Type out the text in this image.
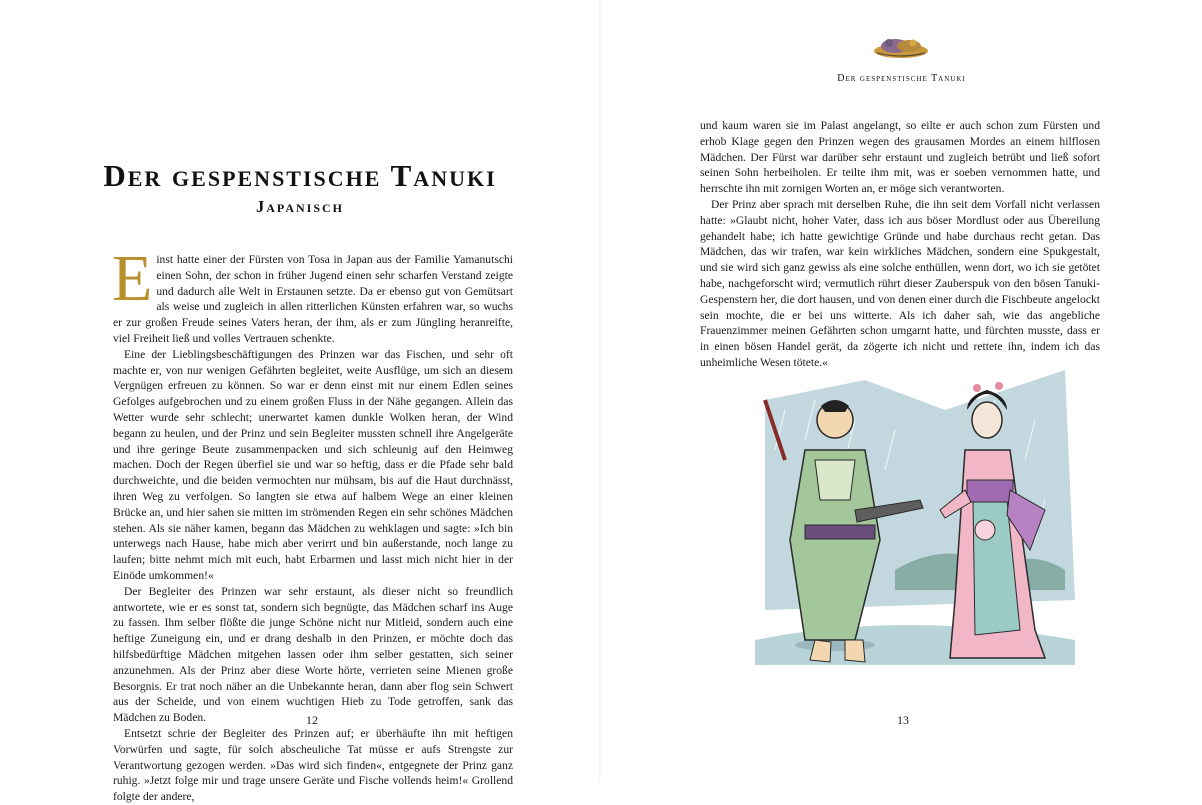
Der gespenstische Tanuki
Japanisch

Einst hatte einer der Fürsten von Tosa in Japan aus der Familie Yamanutschi einen Sohn, der schon in früher Jugend einen sehr scharfen Verstand zeigte und dadurch alle Welt in Erstaunen setzte. Da er ebenso gut von Gemütsart als weise und zugleich in allen ritterlichen Künsten erfahren war, so wuchs er zur großen Freude seines Vaters heran, der ihm, als er zum Jüngling heranreifte, viel Freiheit ließ und volles Vertrauen schenkte.

Eine der Lieblingsbeschäftigungen des Prinzen war das Fischen, und sehr oft machte er, von nur wenigen Gefährten begleitet, weite Ausflüge, um sich an diesem Vergnügen erfreuen zu können. So war er denn einst mit nur einem Edlen seines Gefolges aufgebrochen und zu einem großen Fluss in der Nähe gegangen. Allein das Wetter wurde sehr schlecht; unerwartet kamen dunkle Wolken heran, der Wind begann zu heulen, und der Prinz und sein Begleiter mussten schnell ihre Angelgeräte und ihre geringe Beute zusammenpacken und sich schleunig auf den Heimweg machen. Doch der Regen überfiel sie und war so heftig, dass er die Pfade sehr bald durchweichte, und die beiden vermochten nur mühsam, bis auf die Haut durchnässt, ihren Weg zu verfolgen. So langten sie etwa auf halbem Wege an einer kleinen Brücke an, und hier sahen sie mitten im strömenden Regen ein sehr schönes Mädchen stehen. Als sie näher kamen, begann das Mädchen zu wehklagen und sagte: »Ich bin unterwegs nach Hause, habe mich aber verirrt und bin außerstande, noch lange zu laufen; bitte nehmt mich mit euch, habt Erbarmen und lasst mich nicht hier in der Einöde umkommen!«

Der Begleiter des Prinzen war sehr erstaunt, als dieser nicht so freundlich antwortete, wie er es sonst tat, sondern sich begnügte, das Mädchen scharf ins Auge zu fassen. Ihm selber flößte die junge Schöne nicht nur Mitleid, sondern auch eine heftige Zuneigung ein, und er drang deshalb in den Prinzen, er möchte doch das hilfsbedürftige Mädchen mitgehen lassen oder ihm selber gestatten, sich seiner anzunehmen. Als der Prinz aber diese Worte hörte, verrieten seine Mienen große Besorgnis. Er trat noch näher an die Unbekannte heran, dann aber flog sein Schwert aus der Scheide, und von einem wuchtigen Hieb zu Tode getroffen, sank das Mädchen zu Boden.

Entsetzt schrie der Begleiter des Prinzen auf; er überhäufte ihn mit heftigen Vorwürfen und sagte, für solch abscheuliche Tat müsse er aufs Strengste zur Verantwortung gezogen werden. »Das wird sich finden«, entgegnete der Prinz ganz ruhig. »Jetzt folge mir und trage unsere Geräte und Fische vollends heim!« Grollend folgte der andere,

12
Der gespenstische Tanuki

und kaum waren sie im Palast angelangt, so eilte er auch schon zum Fürsten und erhob Klage gegen den Prinzen wegen des grausamen Mordes an einem hilflosen Mädchen. Der Fürst war darüber sehr erstaunt und zugleich betrübt und ließ sofort seinen Sohn herbeiholen. Er teilte ihm mit, was er soeben vernommen hatte, und herrschte ihn mit zornigen Worten an, er möge sich verantworten.

Der Prinz aber sprach mit derselben Ruhe, die ihn seit dem Vorfall nicht verlassen hatte: »Glaubt nicht, hoher Vater, dass ich aus böser Mordlust oder aus Übereilung gehandelt habe; ich hatte gewichtige Gründe und habe durchaus recht getan. Das Mädchen, das wir trafen, war kein wirkliches Mädchen, sondern eine Spukgestalt, und sie wird sich ganz gewiss als eine solche enthüllen, wenn dort, wo ich sie getötet habe, nachgeforscht wird; vermutlich rührt dieser Zauberspuk von den bösen Tanuki-Gespenstern her, die dort hausen, und von denen einer durch die Fischbeute angelockt sein mochte, die er bei uns witterte. Als ich daher sah, wie das angebliche Frauenzimmer meinen Gefährten schon umgarnt hatte, und fürchten musste, dass er in einen bösen Handel gerät, da zögerte ich nicht und rettete ihn, indem ich das unheimliche Wesen tötete.«

13
